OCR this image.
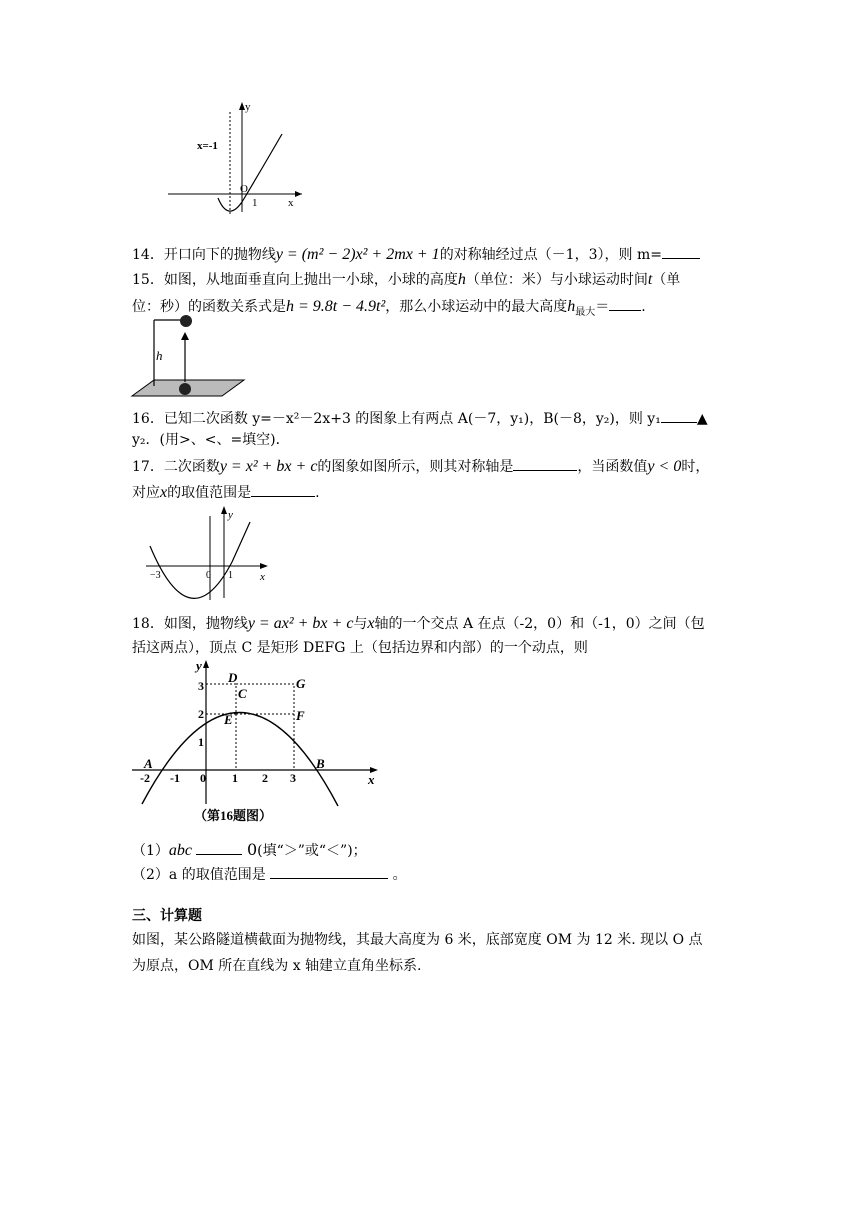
y
x
x=-1
O
1
14．开口向下的抛物线y = (m² − 2)x² + 2mx + 1的对称轴经过点（－1，3），则 m=
15．如图，从地面垂直向上抛出一小球，小球的高度h（单位：米）与小球运动时间t（单
位：秒）的函数关系式是h = 9.8t − 4.9t²，那么小球运动中的最大高度$h_{最大}=$ .
h
16．已知二次函数 y=－x²－2x+3 的图象上有两点 A(－7，y₁)，B(－8，y₂)，则 y₁	▲
y₂．(用>、<、=填空)．
17．二次函数y = x² + bx + c的图象如图所示，则其对称轴是	，当函数值y < 0时，
对应x的取值范围是	.
y
x
−3	0 1
18．如图，抛物线y = ax² + bx + c与x轴的一个交点 A 在点（-2，0）和（-1，0）之间（包
括这两点），顶点 C 是矩形 DEFG 上（包括边界和内部）的一个动点，则
y
x
D	G
C
E	F
A	B
3
2
1
-2 -1 0 1 2 3
（第16题图）
（1）abc	0(填“＞”或“＜”)；
（2）a 的取值范围是	。
三、计算题
如图，某公路隧道横截面为抛物线，其最大高度为 6 米，底部宽度 OM 为 12 米. 现以 O 点
为原点，OM 所在直线为 x 轴建立直角坐标系.
